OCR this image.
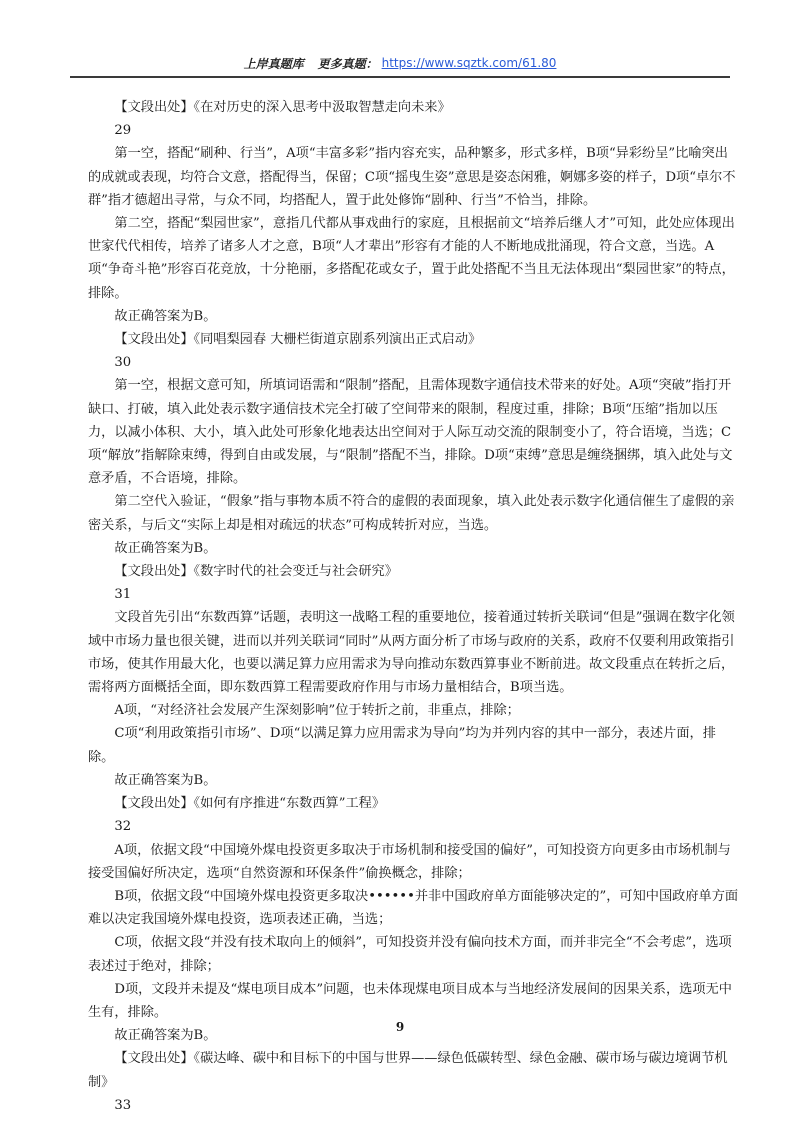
上岸真题库 更多真题： https://www.sqztk.com/61.80

【文段出处】《在对历史的深入思考中汲取智慧走向未来》

29

第一空，搭配“刷种、行当”，A项“丰富多彩”指内容充实，品种繁多，形式多样，B项“异彩纷呈”比喻突出的成就或表现，均符合文意，搭配得当，保留；C项“摇曳生姿”意思是姿态闲雅，婀娜多姿的样子，D项“卓尔不群”指才德超出寻常，与众不同，均搭配人，置于此处修饰“剧种、行当”不恰当，排除。

第二空，搭配“梨园世家”，意指几代都从事戏曲行的家庭，且根据前文“培养后继人才”可知，此处应体现出世家代代相传，培养了诸多人才之意，B项“人才辈出”形容有才能的人不断地成批涌现，符合文意，当选。A项“争奇斗艳”形容百花竞放，十分艳丽，多搭配花或女子，置于此处搭配不当且无法体现出“梨园世家”的特点，排除。

故正确答案为B。

【文段出处】《同唱梨园春 大栅栏街道京剧系列演出正式启动》

30

第一空，根据文意可知，所填词语需和“限制”搭配，且需体现数字通信技术带来的好处。A项“突破”指打开缺口、打破，填入此处表示数字通信技术完全打破了空间带来的限制，程度过重，排除；B项“压缩”指加以压力，以减小体积、大小，填入此处可形象化地表达出空间对于人际互动交流的限制变小了，符合语境，当选；C项“解放”指解除束缚，得到自由或发展，与“限制”搭配不当，排除。D项“束缚”意思是缠绕捆绑，填入此处与文意矛盾，不合语境，排除。

第二空代入验证，“假象”指与事物本质不符合的虚假的表面现象，填入此处表示数字化通信催生了虚假的亲密关系，与后文“实际上却是相对疏远的状态”可构成转折对应，当选。

故正确答案为B。

【文段出处】《数字时代的社会变迁与社会研究》

31

文段首先引出“东数西算”话题，表明这一战略工程的重要地位，接着通过转折关联词“但是”强调在数字化领域中市场力量也很关键，进而以并列关联词“同时”从两方面分析了市场与政府的关系，政府不仅要利用政策指引市场，使其作用最大化，也要以满足算力应用需求为导向推动东数西算事业不断前进。故文段重点在转折之后，需将两方面概括全面，即东数西算工程需要政府作用与市场力量相结合，B项当选。

A项，“对经济社会发展产生深刻影响”位于转折之前，非重点，排除；

C项“利用政策指引市场”、D项“以满足算力应用需求为导向”均为并列内容的其中一部分，表述片面，排除。

故正确答案为B。

【文段出处】《如何有序推进“东数西算”工程》

32

A项，依据文段“中国境外煤电投资更多取决于市场机制和接受国的偏好”，可知投资方向更多由市场机制与接受国偏好所决定，选项“自然资源和环保条件”偷换概念，排除；

B项，依据文段“中国境外煤电投资更多取决••••••并非中国政府单方面能够决定的”，可知中国政府单方面难以决定我国境外煤电投资，选项表述正确，当选；

C项，依据文段“并没有技术取向上的倾斜”，可知投资并没有偏向技术方面，而并非完全“不会考虑”，选项表述过于绝对，排除；

D项，文段并未提及“煤电项目成本”问题，也未体现煤电项目成本与当地经济发展间的因果关系，选项无中生有，排除。

故正确答案为B。

【文段出处】《碳达峰、碳中和目标下的中国与世界——绿色低碳转型、绿色金融、碳市场与碳边境调节机制》

33

9
